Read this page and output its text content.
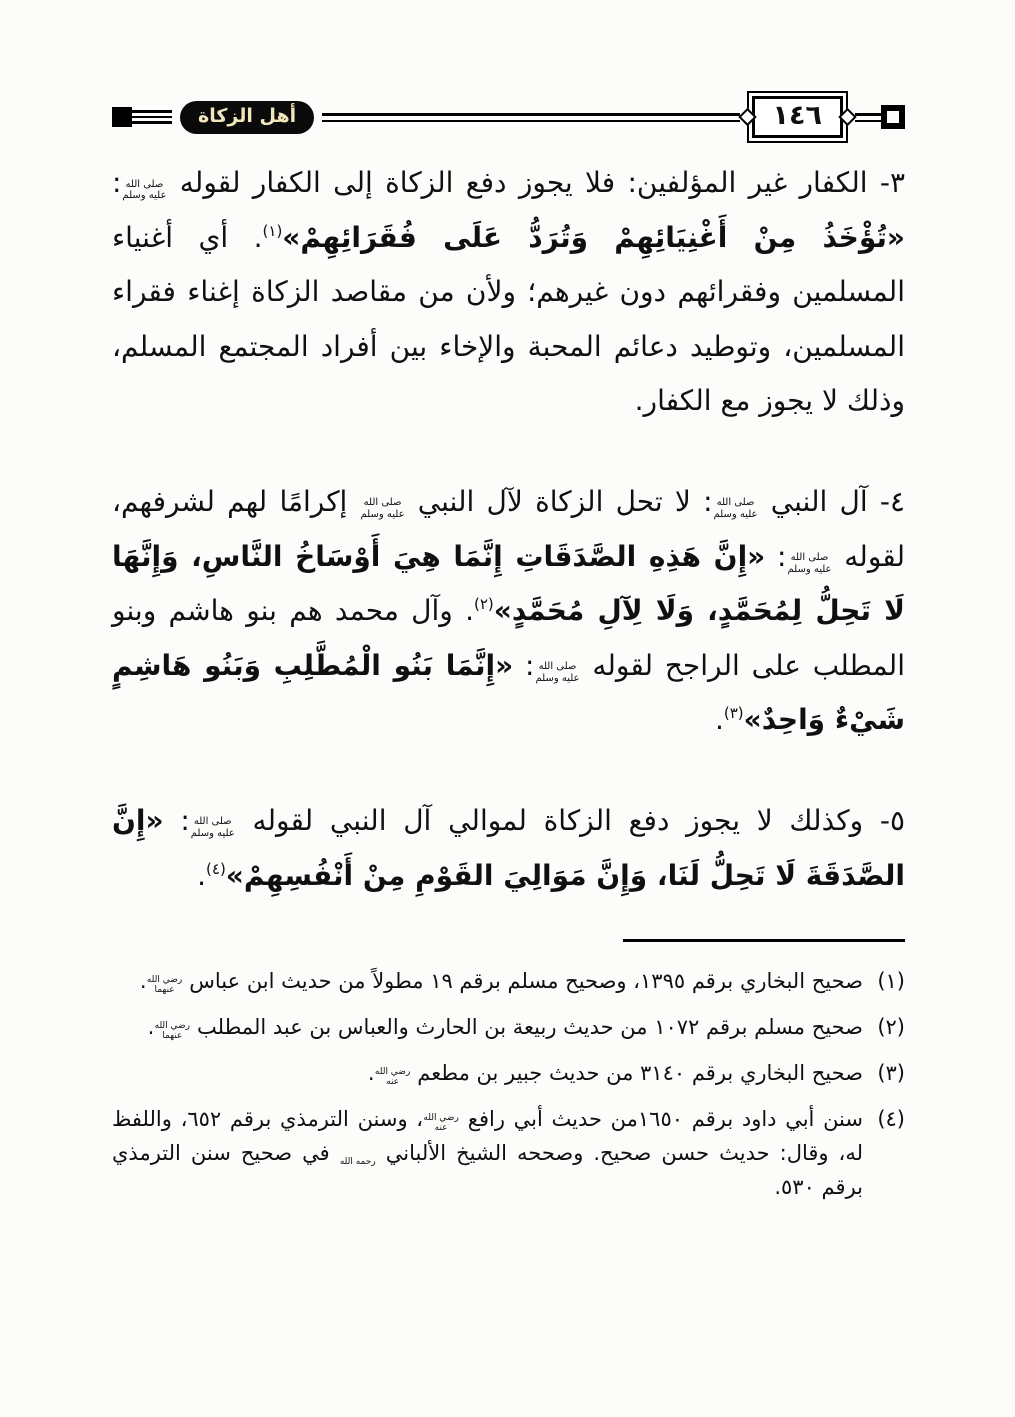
١٤٦
أهل الزكاة

٣- الكفار غير المؤلفين: فلا يجوز دفع الزكاة إلى الكفار لقوله صلى الله عليه وسلم: «تُؤْخَذُ مِنْ أَغْنِيَائِهِمْ وَتُرَدُّ عَلَى فُقَرَائِهِمْ»$^{(١)}$. أي أغنياء المسلمين وفقرائهم دون غيرهم؛ ولأن من مقاصد الزكاة إغناء فقراء المسلمين، وتوطيد دعائم المحبة والإخاء بين أفراد المجتمع المسلم، وذلك لا يجوز مع الكفار.

٤- آل النبي صلى الله عليه وسلم: لا تحل الزكاة لآل النبي صلى الله عليه وسلم إكرامًا لهم لشرفهم، لقوله صلى الله عليه وسلم: «إِنَّ هَذِهِ الصَّدَقَاتِ إِنَّمَا هِيَ أَوْسَاخُ النَّاسِ، وَإِنَّهَا لَا تَحِلُّ لِمُحَمَّدٍ، وَلَا لِآلِ مُحَمَّدٍ»$^{(٢)}$. وآل محمد هم بنو هاشم وبنو المطلب على الراجح لقوله صلى الله عليه وسلم: «إِنَّمَا بَنُو الْمُطَّلِبِ وَبَنُو هَاشِمٍ شَيْءٌ وَاحِدٌ»$^{(٣)}$.

٥- وكذلك لا يجوز دفع الزكاة لموالي آل النبي لقوله صلى الله عليه وسلم: «إِنَّ الصَّدَقَةَ لَا تَحِلُّ لَنَا، وَإِنَّ مَوَالِيَ القَوْمِ مِنْ أَنْفُسِهِمْ»$^{(٤)}$.

(١)
صحيح البخاري برقم ١٣٩٥، وصحيح مسلم برقم ١٩ مطولاً من حديث ابن عباس رضي الله عنهما.
(٢)
صحيح مسلم برقم ١٠٧٢ من حديث ربيعة بن الحارث والعباس بن عبد المطلب رضي الله عنهما.
(٣)
صحيح البخاري برقم ٣١٤٠ من حديث جبير بن مطعم رضي الله عنه.
(٤)
سنن أبي داود برقم ١٦٥٠من حديث أبي رافع رضي الله عنه، وسنن الترمذي برقم ٦٥٢، واللفظ له، وقال: حديث حسن صحيح. وصححه الشيخ الألباني رحمه الله في صحيح سنن الترمذي برقم ٥٣٠.
